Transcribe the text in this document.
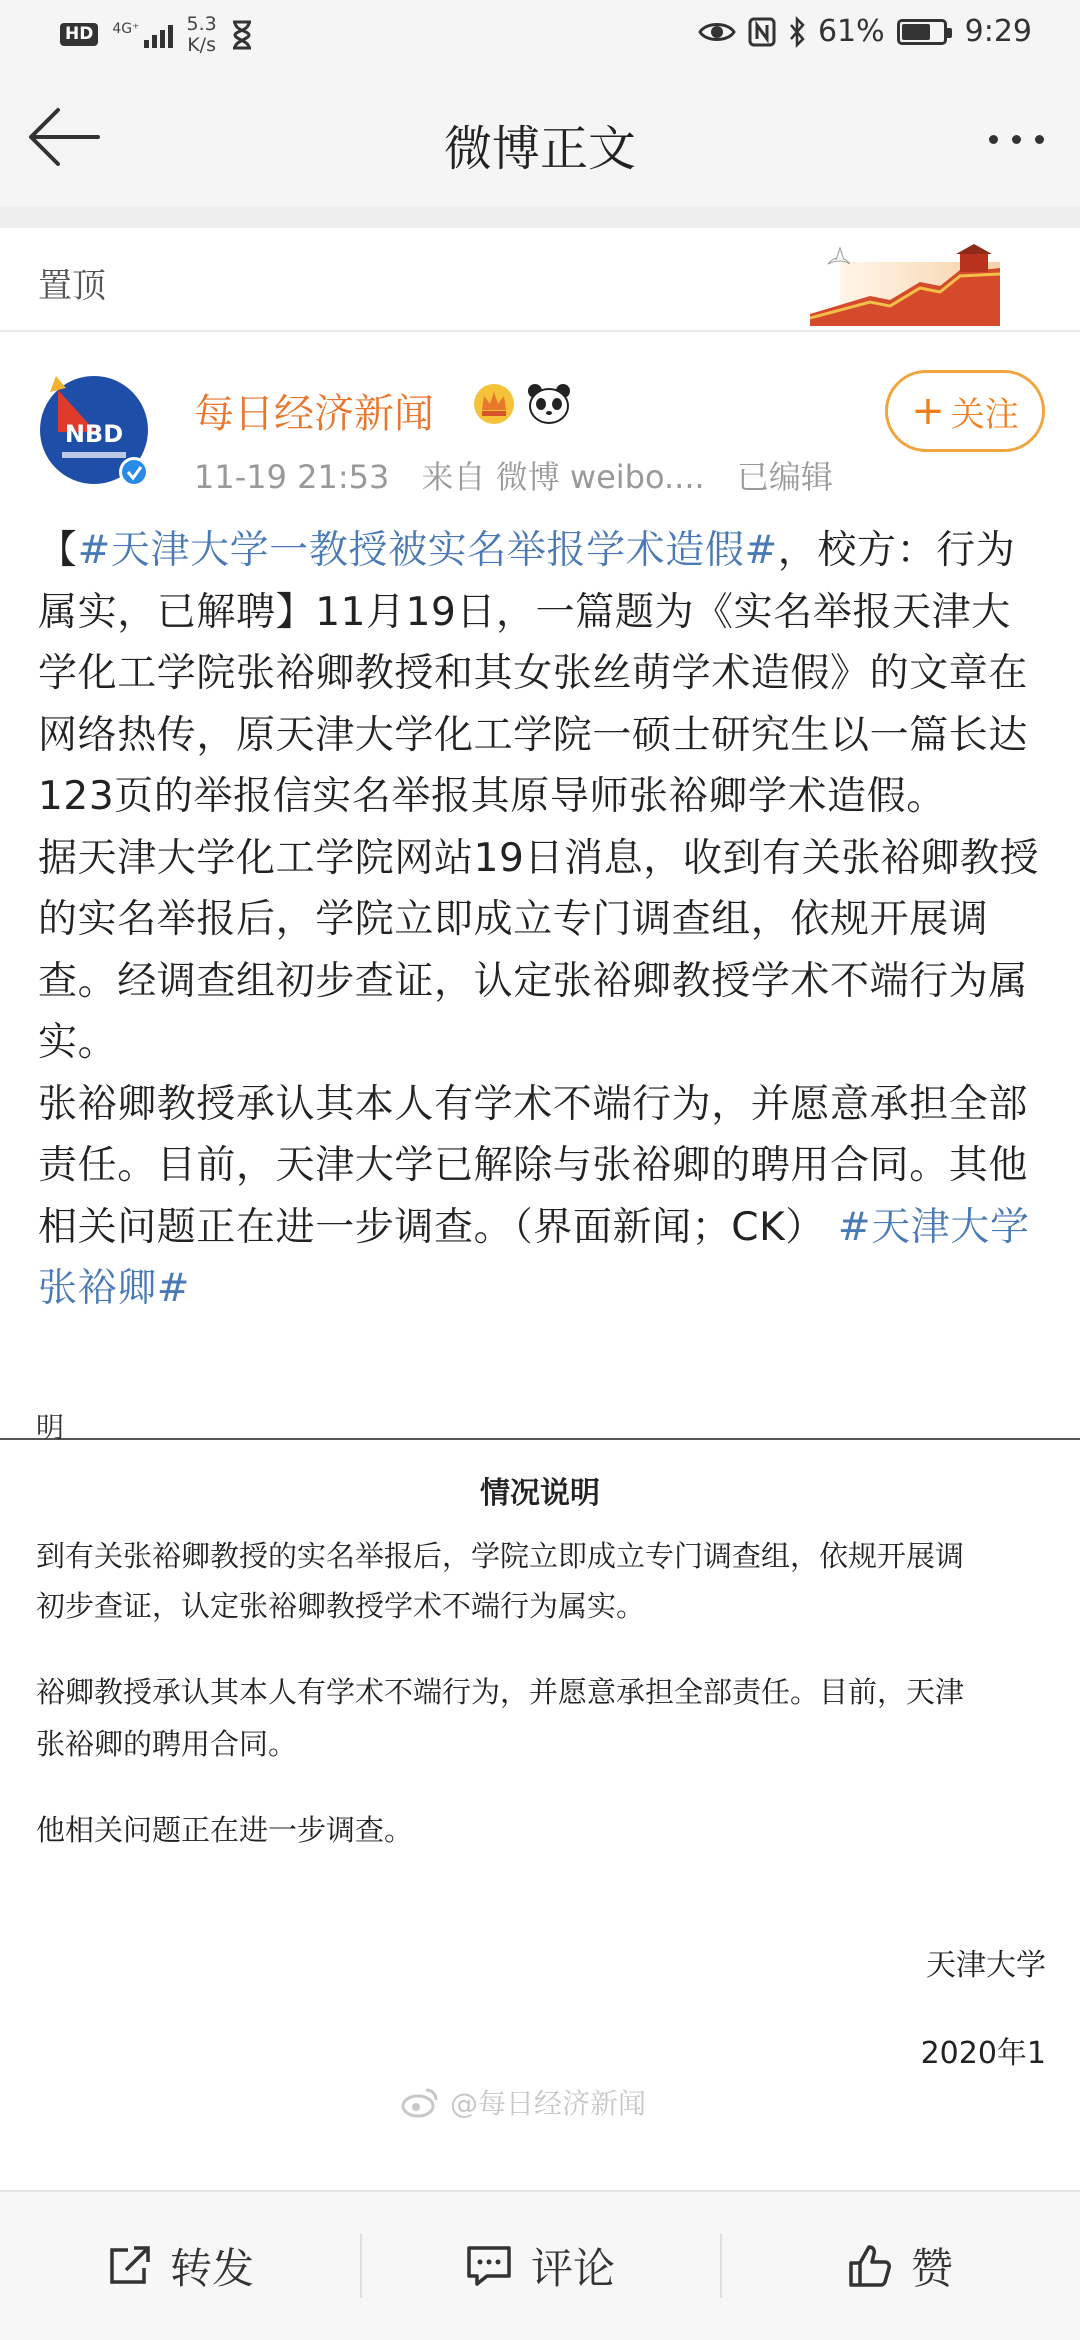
HD	4G⁺ 5.3
K/s	61%	9:29
微博正文
置顶
NBD 每日经济新闻
11-19 21:53 来自 微博 weibo.... 已编辑
+ 关注

【#天津大学一教授被实名举报学术造假#，校方：行为属实，已解聘】11月19日，一篇题为《实名举报天津大学化工学院张裕卿教授和其女张丝萌学术造假》的文章在网络热传，原天津大学化工学院一硕士研究生以一篇长达123页的举报信实名举报其原导师张裕卿学术造假。

据天津大学化工学院网站19日消息，收到有关张裕卿教授的实名举报后，学院立即成立专门调查组，依规开展调查。经调查组初步查证，认定张裕卿教授学术不端行为属实。

张裕卿教授承认其本人有学术不端行为，并愿意承担全部责任。目前，天津大学已解除与张裕卿的聘用合同。其他相关问题正在进一步调查。（界面新闻；CK） #天津大学张裕卿#

明
情况说明
到有关张裕卿教授的实名举报后，学院立即成立专门调查组，依规开展调
初步查证，认定张裕卿教授学术不端行为属实。
裕卿教授承认其本人有学术不端行为，并愿意承担全部责任。目前，天津
张裕卿的聘用合同。
他相关问题正在进一步调查。
天津大学
2020年1
@每日经济新闻
转发	评论	赞
